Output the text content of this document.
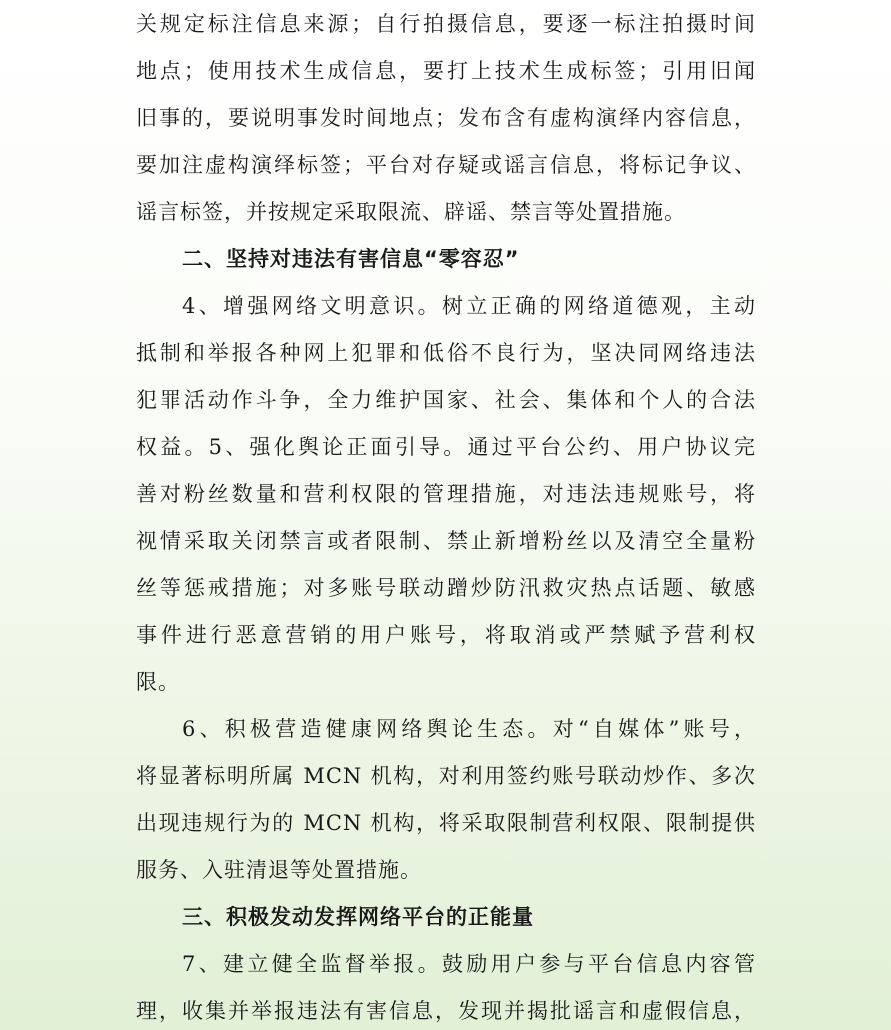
关规定标注信息来源；自行拍摄信息，要逐一标注拍摄时间
地点；使用技术生成信息，要打上技术生成标签；引用旧闻
旧事的，要说明事发时间地点；发布含有虚构演绎内容信息，
要加注虚构演绎标签；平台对存疑或谣言信息，将标记争议、
谣言标签，并按规定采取限流、辟谣、禁言等处置措施。
二、坚持对违法有害信息“零容忍”
4、增强网络文明意识。树立正确的网络道德观，主动
抵制和举报各种网上犯罪和低俗不良行为，坚决同网络违法
犯罪活动作斗争，全力维护国家、社会、集体和个人的合法
权益。5、强化舆论正面引导。通过平台公约、用户协议完
善对粉丝数量和营利权限的管理措施，对违法违规账号，将
视情采取关闭禁言或者限制、禁止新增粉丝以及清空全量粉
丝等惩戒措施；对多账号联动蹭炒防汛救灾热点话题、敏感
事件进行恶意营销的用户账号，将取消或严禁赋予营利权
限。
6、积极营造健康网络舆论生态。对“自媒体”账号，
将显著标明所属 MCN 机构，对利用签约账号联动炒作、多次
出现违规行为的 MCN 机构，将采取限制营利权限、限制提供
服务、入驻清退等处置措施。
三、积极发动发挥网络平台的正能量
7、建立健全监督举报。鼓励用户参与平台信息内容管
理，收集并举报违法有害信息，发现并揭批谣言和虚假信息，
